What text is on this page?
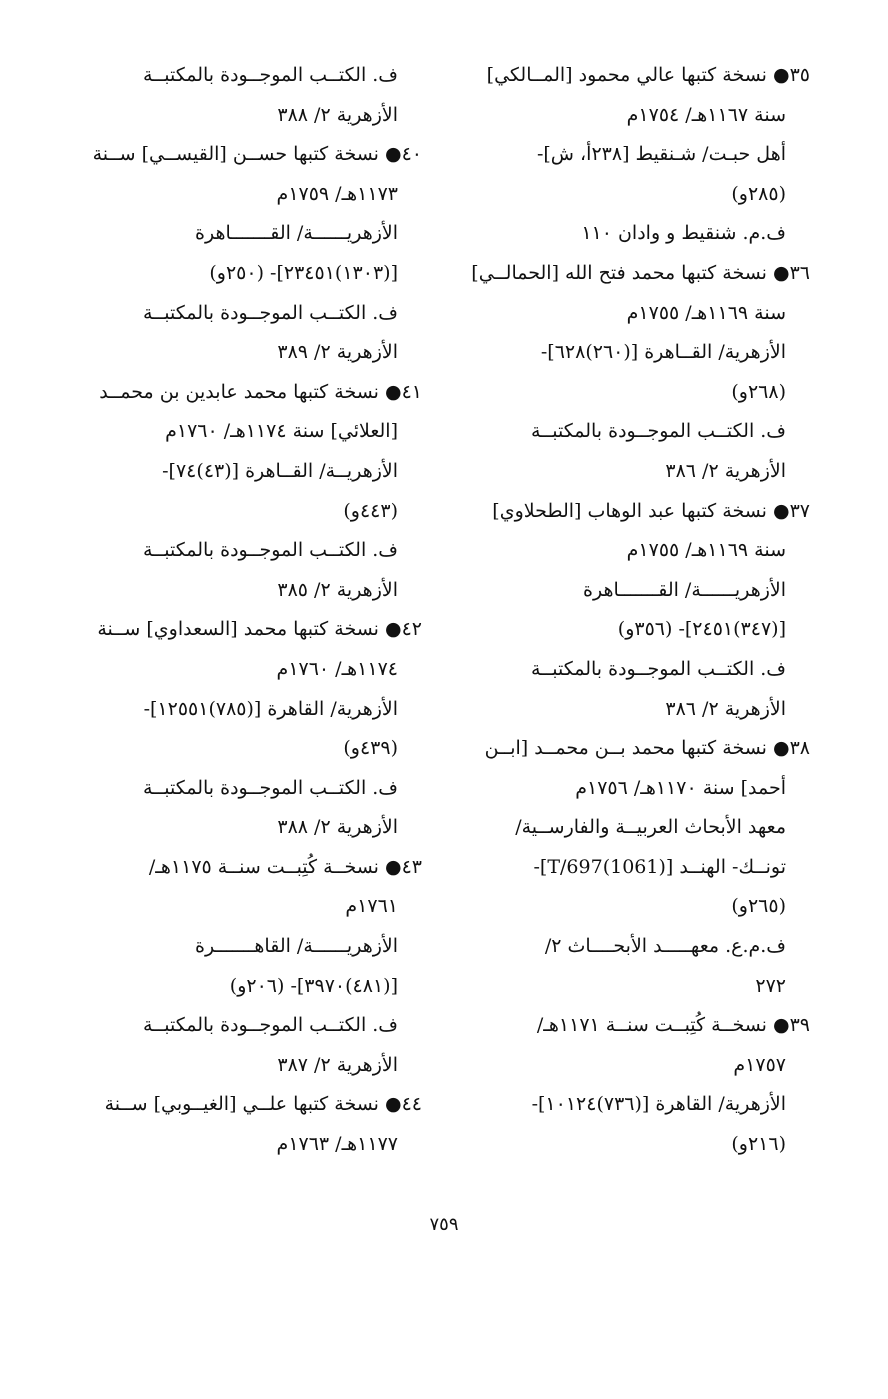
٣٥● نسخة كتبها عالي محمود [المــالكي]
سنة ١١٦٧هـ/ ١٧٥٤م
أهل حبـت/ شـنقيط [٢٣٨أ، ش]-
(٢٨٥و)
ف.م. شنقيط و وادان ١١٠
٣٦● نسخة كتبها محمد فتح الله [الحمالــي]
سنة ١١٦٩هـ/ ١٧٥٥م
الأزهرية/ القــاهرة [(٢٦٠)٦٢٨]-
(٢٦٨و)
ف. الكتــب الموجــودة بالمكتبــة
الأزهرية ٢/ ٣٨٦
٣٧● نسخة كتبها عبد الوهاب [الطحلاوي]
سنة ١١٦٩هـ/ ١٧٥٥م
الأزهريــــــة/ القـــــــاهرة
[(٣٤٧)٢٤٥١]- (٣٥٦و)
ف. الكتــب الموجــودة بالمكتبــة
الأزهرية ٢/ ٣٨٦
٣٨● نسخة كتبها محمد بــن محمــد [ابــن
أحمد] سنة ١١٧٠هـ/ ١٧٥٦م
معهد الأبحاث العربيــة والفارســية/
تونــك- الهنــد [(1061)T/697]-
(٢٦٥و)
ف.م.ع. معهـــــد الأبحــــاث ٢/
٢٧٢
٣٩● نسخــة كُتِبــت سنــة ١١٧١هـ/
١٧٥٧م
الأزهرية/ القاهرة [(٧٣٦)١٠١٢٤]-
(٢١٦و)
ف. الكتــب الموجــودة بالمكتبــة
الأزهرية ٢/ ٣٨٨
٤٠● نسخة كتبها حســن [القيســي] ســنة
١١٧٣هـ/ ١٧٥٩م
الأزهريــــــة/ القـــــــاهرة
[(١٣٠٣)٢٣٤٥١]- (٢٥٠و)
ف. الكتــب الموجــودة بالمكتبــة
الأزهرية ٢/ ٣٨٩
٤١● نسخة كتبها محمد عابدين بن محمــد
[العلائي] سنة ١١٧٤هـ/ ١٧٦٠م
الأزهريــة/ القــاهرة [(٤٣)٧٤]-
(٤٤٣و)
ف. الكتــب الموجــودة بالمكتبــة
الأزهرية ٢/ ٣٨٥
٤٢● نسخة كتبها محمد [السعداوي] ســنة
١١٧٤هـ/ ١٧٦٠م
الأزهرية/ القاهرة [(٧٨٥)١٢٥٥١]-
(٤٣٩و)
ف. الكتــب الموجــودة بالمكتبــة
الأزهرية ٢/ ٣٨٨
٤٣● نسخــة كُتِبــت سنــة ١١٧٥هـ/
١٧٦١م
الأزهريــــــة/ القاهـــــــرة
[(٤٨١)٣٩٧٠]- (٢٠٦و)
ف. الكتــب الموجــودة بالمكتبــة
الأزهرية ٢/ ٣٨٧
٤٤● نسخة كتبها علــي [الغيــوبي] ســنة
١١٧٧هـ/ ١٧٦٣م
٧٥٩
